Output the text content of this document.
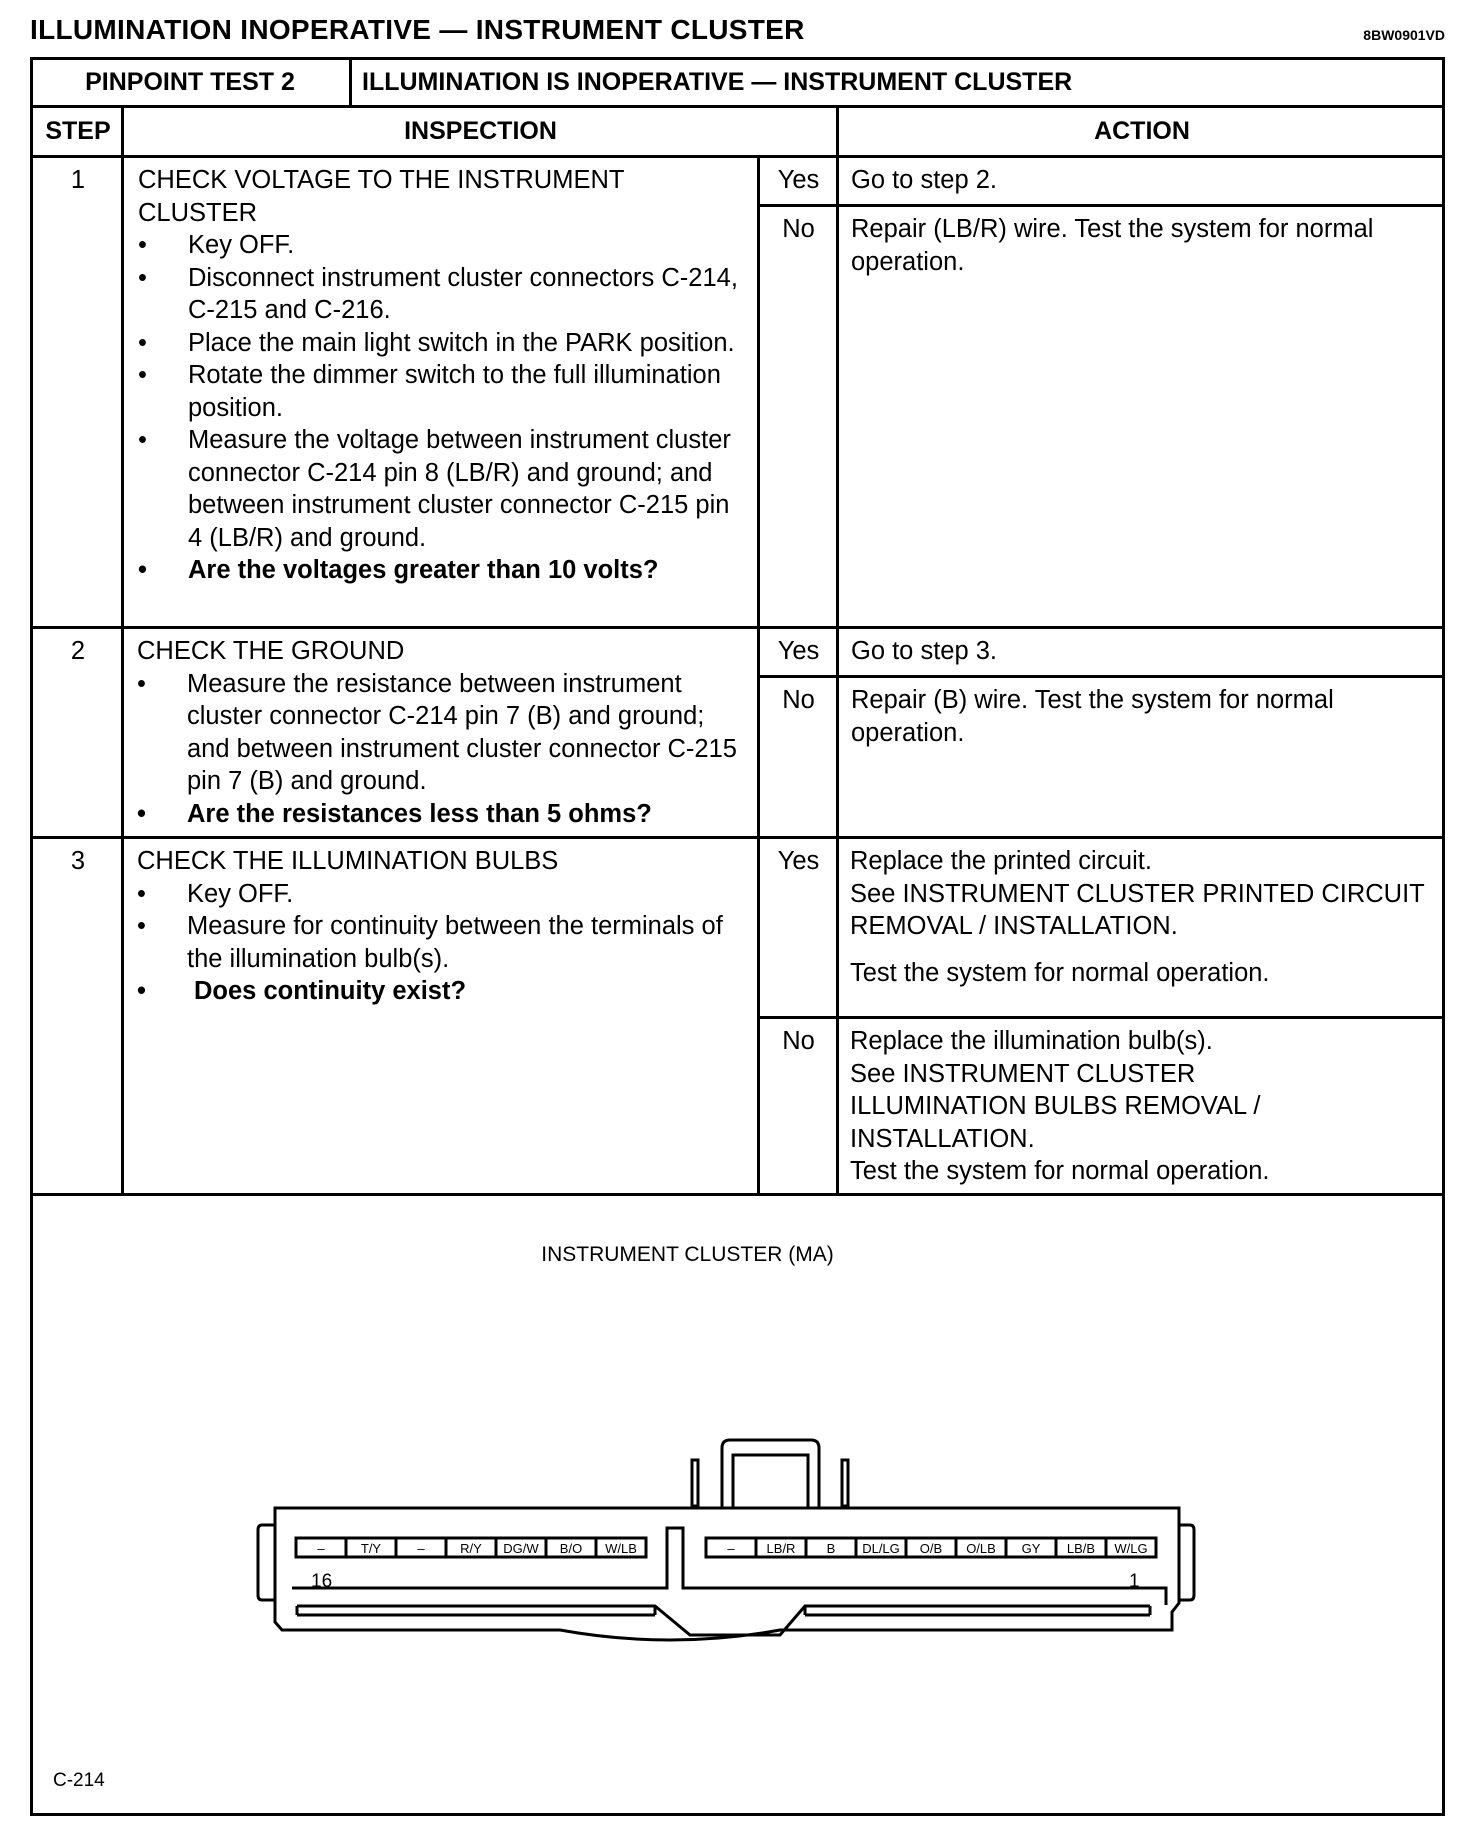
ILLUMINATION INOPERATIVE — INSTRUMENT CLUSTER	8BW0901VD
PINPOINT TEST 2	ILLUMINATION IS INOPERATIVE — INSTRUMENT CLUSTER
STEP	INSPECTION	ACTION
1	CHECK VOLTAGE TO THE INSTRUMENT CLUSTER
• Key OFF.
• Disconnect instrument cluster connectors C-214, C-215 and C-216.
• Place the main light switch in the PARK position.
• Rotate the dimmer switch to the full illumination position.
• Measure the voltage between instrument cluster connector C-214 pin 8 (LB/R) and ground; and between instrument cluster connector C-215 pin 4 (LB/R) and ground.
• Are the voltages greater than 10 volts?
Yes	Go to step 2.
No	Repair (LB/R) wire. Test the system for normal operation.
2	CHECK THE GROUND
• Measure the resistance between instrument cluster connector C-214 pin 7 (B) and ground; and between instrument cluster connector C-215 pin 7 (B) and ground.
• Are the resistances less than 5 ohms?
Yes	Go to step 3.
No	Repair (B) wire. Test the system for normal operation.
3	CHECK THE ILLUMINATION BULBS
• Key OFF.
• Measure for continuity between the terminals of the illumination bulb(s).
• Does continuity exist?
Yes	Replace the printed circuit.
See INSTRUMENT CLUSTER PRINTED CIRCUIT REMOVAL / INSTALLATION.
Test the system for normal operation.
No	Replace the illumination bulb(s).
See INSTRUMENT CLUSTER ILLUMINATION BULBS REMOVAL / INSTALLATION.
Test the system for normal operation.
INSTRUMENT CLUSTER (MA)
C-214
–	T/Y	–	R/Y DG/W B/O W/LB	– LB/R B DL/LG O/B O/LB GY LB/B W/LG
16	1
